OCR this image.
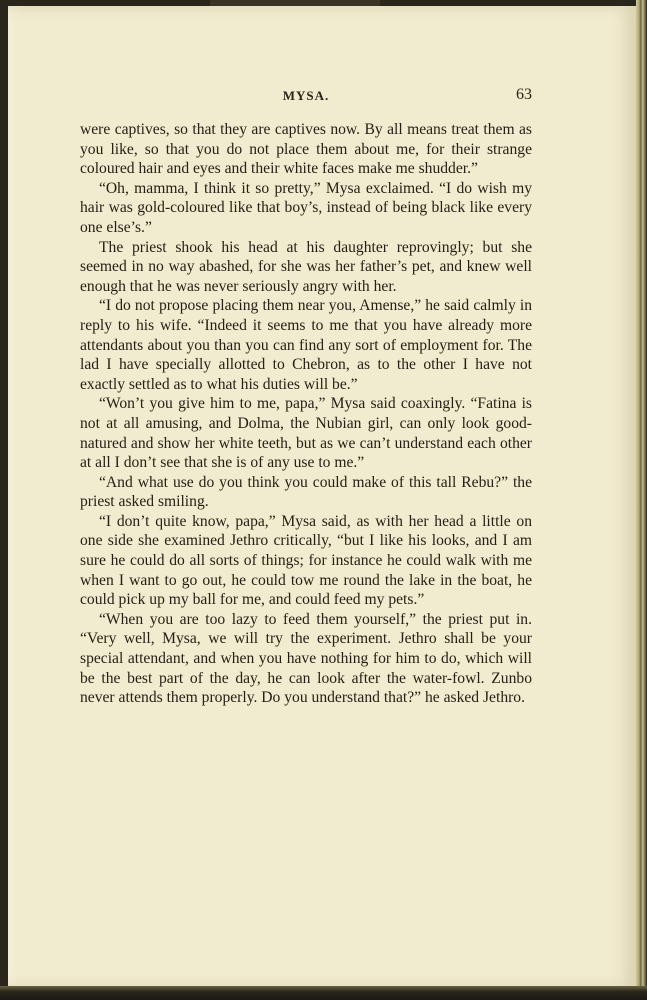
MYSA.	63

were captives, so that they are captives now. By all means treat them as you like, so that you do not place them about me, for their strange coloured hair and eyes and their white faces make me shudder.”

“Oh, mamma, I think it so pretty,” Mysa exclaimed. “I do wish my hair was gold-coloured like that boy’s, instead of being black like every one else’s.”

The priest shook his head at his daughter reprovingly; but she seemed in no way abashed, for she was her father’s pet, and knew well enough that he was never seriously angry with her.

“I do not propose placing them near you, Amense,” he said calmly in reply to his wife. “Indeed it seems to me that you have already more attendants about you than you can find any sort of employment for. The lad I have specially allotted to Chebron, as to the other I have not exactly settled as to what his duties will be.”

“Won’t you give him to me, papa,” Mysa said coaxingly. “Fatina is not at all amusing, and Dolma, the Nubian girl, can only look good-natured and show her white teeth, but as we can’t understand each other at all I don’t see that she is of any use to me.”

“And what use do you think you could make of this tall Rebu?” the priest asked smiling.

“I don’t quite know, papa,” Mysa said, as with her head a little on one side she examined Jethro critically, “but I like his looks, and I am sure he could do all sorts of things; for instance he could walk with me when I want to go out, he could tow me round the lake in the boat, he could pick up my ball for me, and could feed my pets.”

“When you are too lazy to feed them yourself,” the priest put in. “Very well, Mysa, we will try the experiment. Jethro shall be your special attendant, and when you have nothing for him to do, which will be the best part of the day, he can look after the water-fowl. Zunbo never attends them properly. Do you understand that?” he asked Jethro.
